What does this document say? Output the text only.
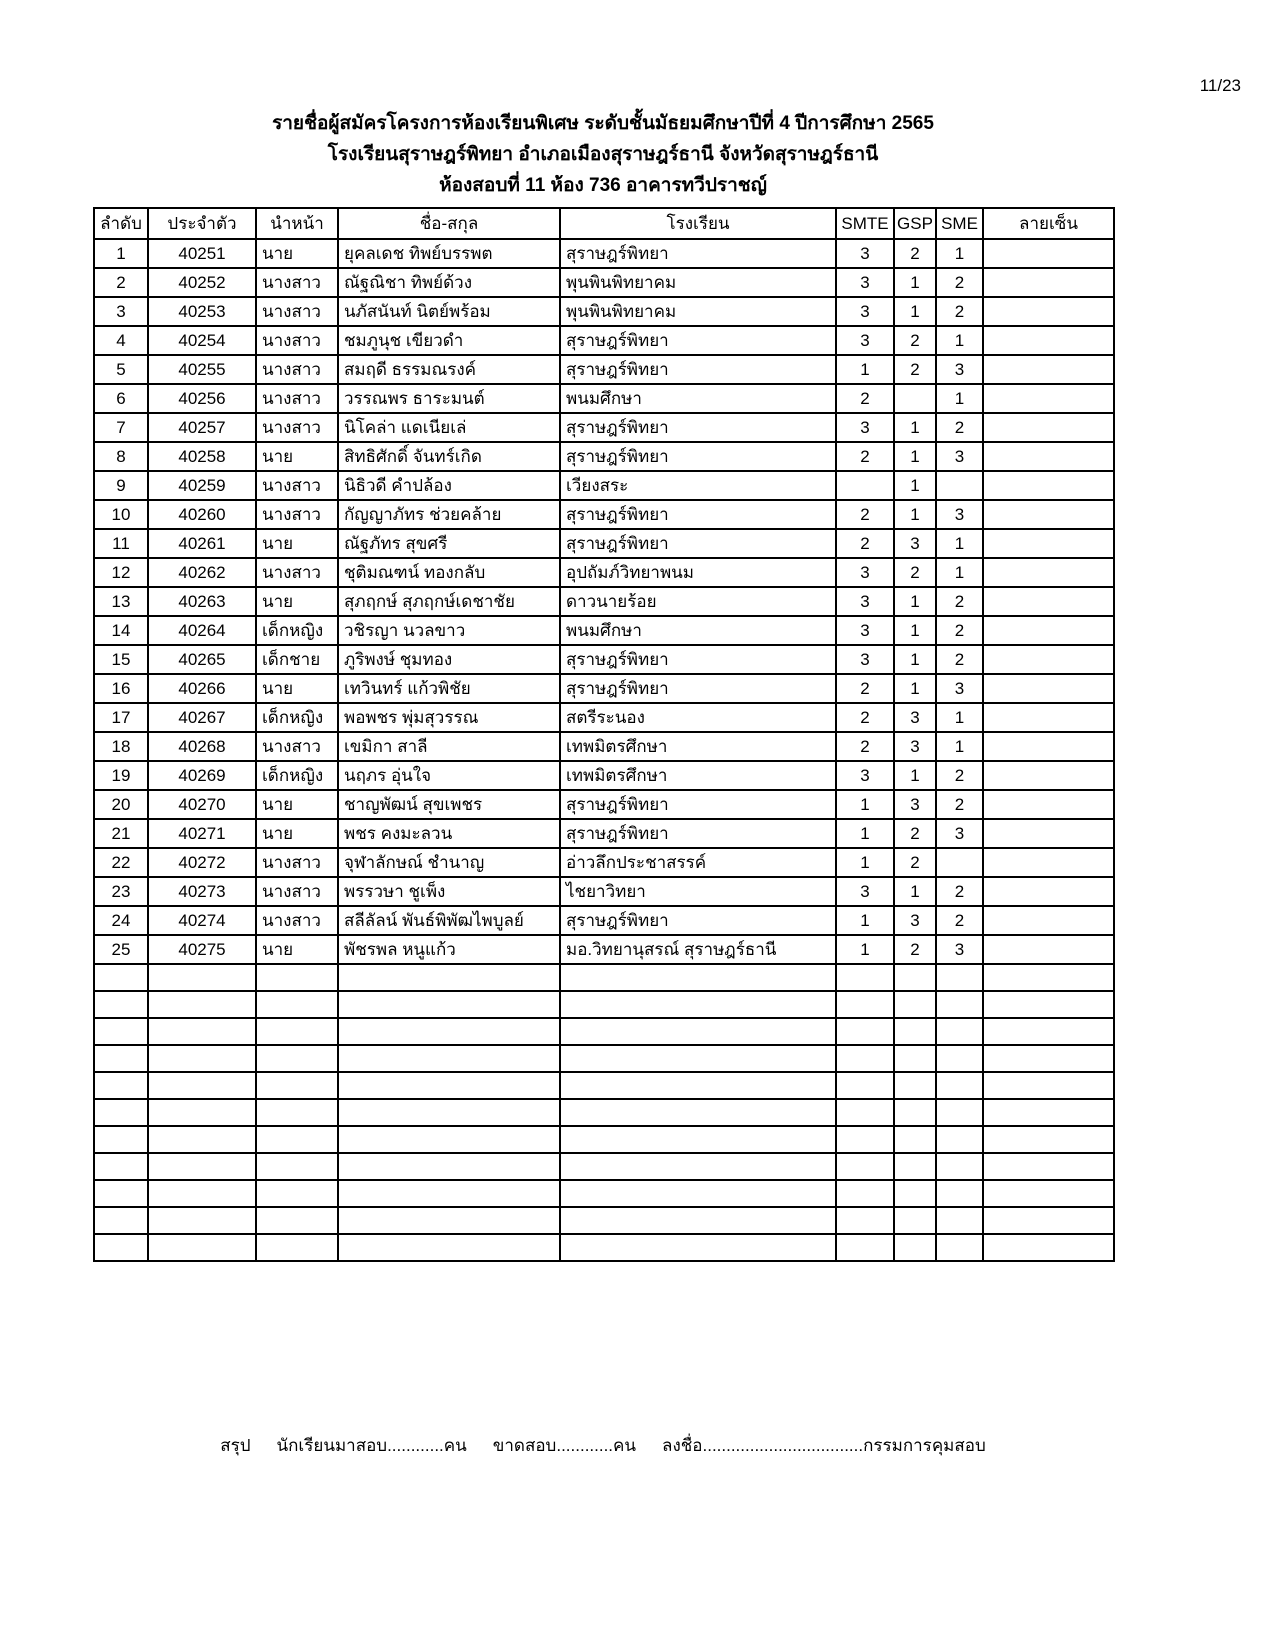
11/23
รายชื่อผู้สมัครโครงการห้องเรียนพิเศษ ระดับชั้นมัธยมศึกษาปีที่ 4 ปีการศึกษา 2565
โรงเรียนสุราษฎร์พิทยา อำเภอเมืองสุราษฎร์ธานี จังหวัดสุราษฎร์ธานี
ห้องสอบที่ 11 ห้อง 736 อาคารทวีปราชญ์
ลำดับ	ประจำตัว	นำหน้า	ชื่อ-สกุล	โรงเรียน	SMTE	GSP	SME	ลายเซ็น
1	40251	นาย	ยุคลเดช ทิพย์บรรพต	สุราษฎร์พิทยา	3	2	1	
2	40252	นางสาว	ณัฐณิชา ทิพย์ด้วง	พุนพินพิทยาคม	3	1	2	
3	40253	นางสาว	นภัสนันท์ นิตย์พร้อม	พุนพินพิทยาคม	3	1	2	
4	40254	นางสาว	ชมภูนุช เขียวดำ	สุราษฎร์พิทยา	3	2	1	
5	40255	นางสาว	สมฤดี ธรรมณรงค์	สุราษฎร์พิทยา	1	2	3	
6	40256	นางสาว	วรรณพร ธาระมนต์	พนมศึกษา	2		1	
7	40257	นางสาว	นิโคล่า แดเนียเล่	สุราษฎร์พิทยา	3	1	2	
8	40258	นาย	สิทธิศักดิ์ จันทร์เกิด	สุราษฎร์พิทยา	2	1	3	
9	40259	นางสาว	นิธิวดี คำปล้อง	เวียงสระ		1		
10	40260	นางสาว	กัญญาภัทร ช่วยคล้าย	สุราษฎร์พิทยา	2	1	3	
11	40261	นาย	ณัฐภัทร สุขศรี	สุราษฎร์พิทยา	2	3	1	
12	40262	นางสาว	ชุติมณฑน์ ทองกลับ	อุปถัมภ์วิทยาพนม	3	2	1	
13	40263	นาย	สุภฤกษ์ สุภฤกษ์เดชาชัย	ดาวนายร้อย	3	1	2	
14	40264	เด็กหญิง	วชิรญา นวลขาว	พนมศึกษา	3	1	2	
15	40265	เด็กชาย	ภูริพงษ์ ชุมทอง	สุราษฎร์พิทยา	3	1	2	
16	40266	นาย	เทวินทร์ แก้วพิชัย	สุราษฎร์พิทยา	2	1	3	
17	40267	เด็กหญิง	พอพชร พุ่มสุวรรณ	สตรีระนอง	2	3	1	
18	40268	นางสาว	เขมิกา สาลี	เทพมิตรศึกษา	2	3	1	
19	40269	เด็กหญิง	นฤภร อุ่นใจ	เทพมิตรศึกษา	3	1	2	
20	40270	นาย	ชาญพัฒน์ สุขเพชร	สุราษฎร์พิทยา	1	3	2	
21	40271	นาย	พชร คงมะลวน	สุราษฎร์พิทยา	1	2	3	
22	40272	นางสาว	จุฬาลักษณ์ ชำนาญ	อ่าวลึกประชาสรรค์	1	2		
23	40273	นางสาว	พรรวษา ชูเพ็ง	ไชยาวิทยา	3	1	2	
24	40274	นางสาว	สลีลัลน์ พันธ์พิพัฒไพบูลย์	สุราษฎร์พิทยา	1	3	2	
25	40275	นาย	พัชรพล หนูแก้ว	มอ.วิทยานุสรณ์ สุราษฎร์ธานี	1	2	3	

สรุป นักเรียนมาสอบ............คน ขาดสอบ............คน ลงชื่อ..................................กรรมการคุมสอบ
